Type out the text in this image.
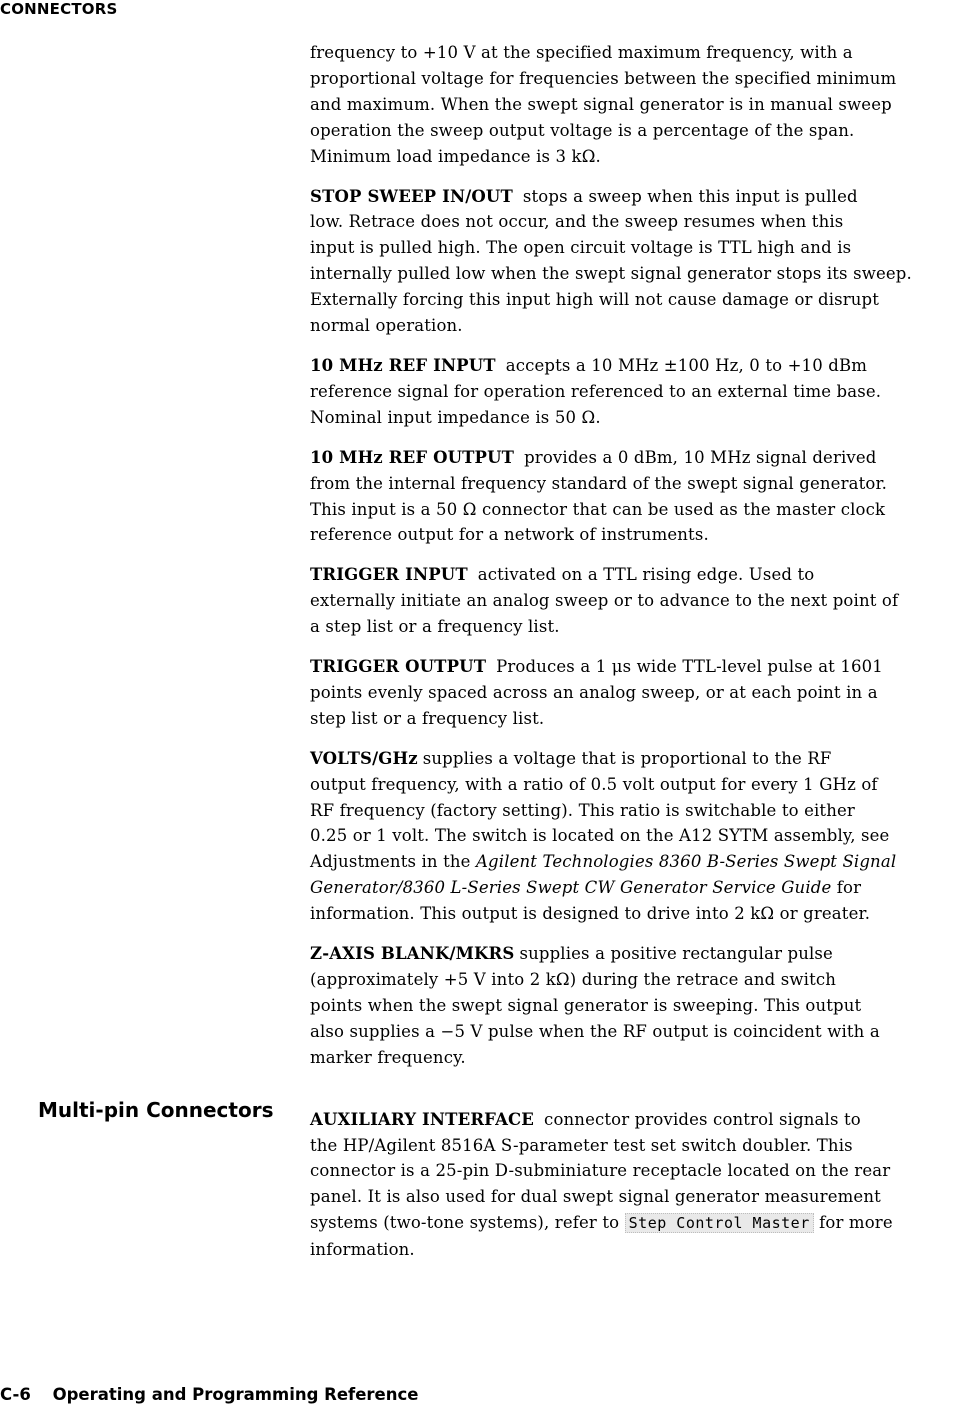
CONNECTORS

frequency to +10 V at the specified maximum frequency, with a
proportional voltage for frequencies between the specified minimum
and maximum. When the swept signal generator is in manual sweep
operation the sweep output voltage is a percentage of the span.
Minimum load impedance is 3 kΩ.

STOP SWEEP IN/OUT stops a sweep when this input is pulled
low. Retrace does not occur, and the sweep resumes when this
input is pulled high. The open circuit voltage is TTL high and is
internally pulled low when the swept signal generator stops its sweep.
Externally forcing this input high will not cause damage or disrupt
normal operation.

10 MHz REF INPUT accepts a 10 MHz ±100 Hz, 0 to +10 dBm
reference signal for operation referenced to an external time base.
Nominal input impedance is 50 Ω.

10 MHz REF OUTPUT provides a 0 dBm, 10 MHz signal derived
from the internal frequency standard of the swept signal generator.
This input is a 50 Ω connector that can be used as the master clock
reference output for a network of instruments.

TRIGGER INPUT activated on a TTL rising edge. Used to
externally initiate an analog sweep or to advance to the next point of
a step list or a frequency list.

TRIGGER OUTPUT Produces a 1 μs wide TTL-level pulse at 1601
points evenly spaced across an analog sweep, or at each point in a
step list or a frequency list.

VOLTS/GHz supplies a voltage that is proportional to the RF
output frequency, with a ratio of 0.5 volt output for every 1 GHz of
RF frequency (factory setting). This ratio is switchable to either
0.25 or 1 volt. The switch is located on the A12 SYTM assembly, see
Adjustments in the Agilent Technologies 8360 B-Series Swept Signal
Generator/8360 L-Series Swept CW Generator Service Guide for
information. This output is designed to drive into 2 kΩ or greater.

Z-AXIS BLANK/MKRS supplies a positive rectangular pulse
(approximately +5 V into 2 kΩ) during the retrace and switch
points when the swept signal generator is sweeping. This output
also supplies a −5 V pulse when the RF output is coincident with a
marker frequency.

AUXILIARY INTERFACE connector provides control signals to
the HP/Agilent 8516A S-parameter test set switch doubler. This
connector is a 25-pin D-subminiature receptacle located on the rear
panel. It is also used for dual swept signal generator measurement
systems (two-tone systems), refer to Step Control Master for more
information.

Multi-pin Connectors
C-6 Operating and Programming Reference
